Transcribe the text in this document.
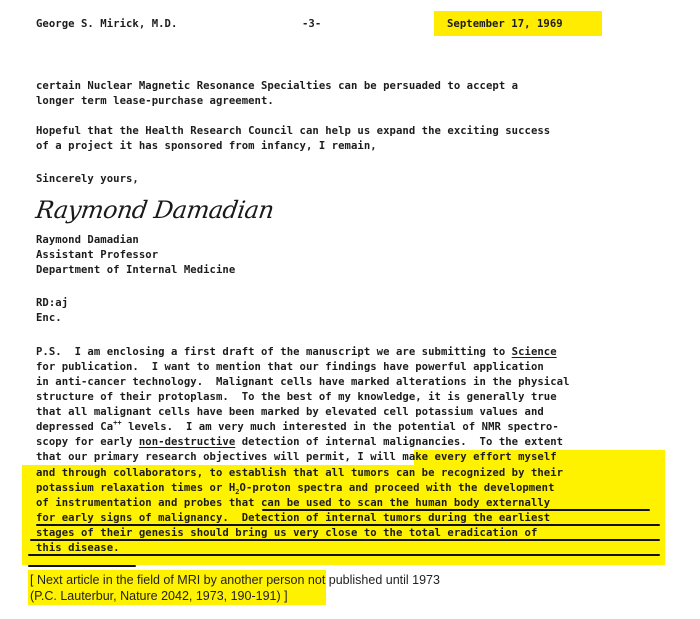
George S. Mirick, M.D.	-3-	September 17, 1969
certain Nuclear Magnetic Resonance Specialties can be persuaded to accept a
longer term lease-purchase agreement.
Hopeful that the Health Research Council can help us expand the exciting success
of a project it has sponsored from infancy, I remain,
Sincerely yours,
Raymond Damadian
Raymond Damadian
Assistant Professor
Department of Internal Medicine
RD:aj
Enc.
P.S.  I am enclosing a first draft of the manuscript we are submitting to Science
for publication.  I want to mention that our findings have powerful application
in anti-cancer technology.  Malignant cells have marked alterations in the physical
structure of their protoplasm.  To the best of my knowledge, it is generally true
that all malignant cells have been marked by elevated cell potassium values and
depressed Ca++ levels.  I am very much interested in the potential of NMR spectro-
scopy for early non-destructive detection of internal malignancies.  To the extent
that our primary research objectives will permit, I will make every effort myself
and through collaborators, to establish that all tumors can be recognized by their
potassium relaxation times or H2O-proton spectra and proceed with the development
of instrumentation and probes that can be used to scan the human body externally
for early signs of malignancy.  Detection of internal tumors during the earliest
stages of their genesis should bring us very close to the total eradication of
this disease.
[ Next article in the field of MRI by another person not published until 1973
(P.C. Lauterbur, Nature 2042, 1973, 190-191) ]
